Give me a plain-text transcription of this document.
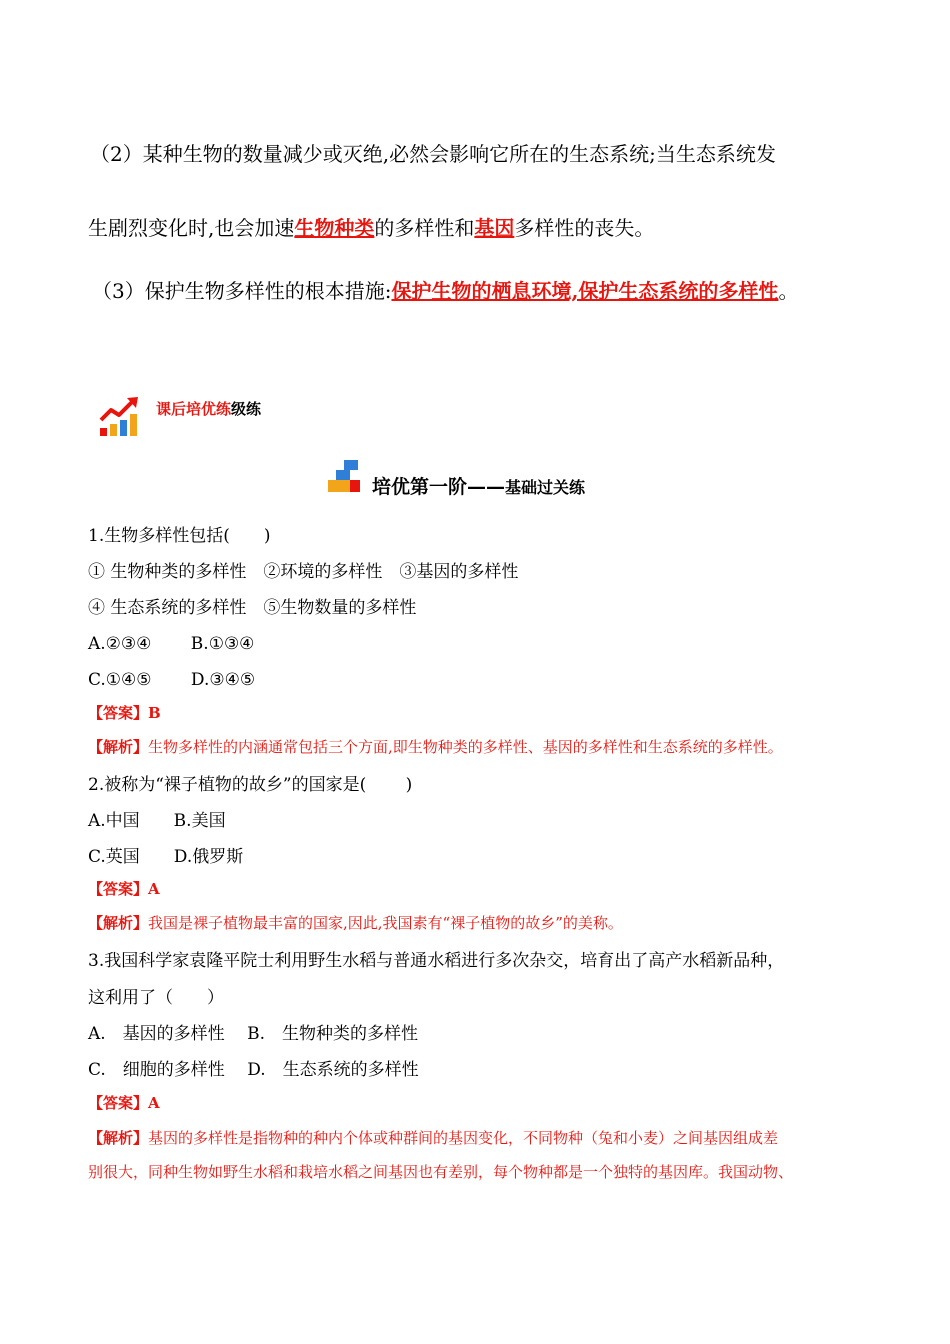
（2）某种生物的数量减少或灭绝,必然会影响它所在的生态系统;当生态系统发
生剧烈变化时,也会加速生物种类的多样性和基因多样性的丧失。
（3）保护生物多样性的根本措施:保护生物的栖息环境,保护生态系统的多样性。
课后培优练级练
培优第一阶——基础过关练
1.生物多样性包括(　　)
① 生物种类的多样性　②环境的多样性　③基因的多样性
④ 生态系统的多样性　⑤生物数量的多样性
A.②③④　　 B.①③④
C.①④⑤　　 D.③④⑤
【答案】B
【解析】生物多样性的内涵通常包括三个方面,即生物种类的多样性、基因的多样性和生态系统的多样性。
2.被称为“裸子植物的故乡”的国家是(　　 )
A.中国　　B.美国
C.英国　　D.俄罗斯
【答案】A
【解析】我国是裸子植物最丰富的国家,因此,我国素有“裸子植物的故乡”的美称。
3.我国科学家袁隆平院士利用野生水稻与普通水稻进行多次杂交，培育出了高产水稻新品种，
这利用了（　　）
A.　基因的多样性　 B.　生物种类的多样性
C.　细胞的多样性　 D.　生态系统的多样性
【答案】A
【解析】基因的多样性是指物种的种内个体或种群间的基因变化，不同物种（兔和小麦）之间基因组成差
别很大，同种生物如野生水稻和栽培水稻之间基因也有差别，每个物种都是一个独特的基因库。我国动物、
